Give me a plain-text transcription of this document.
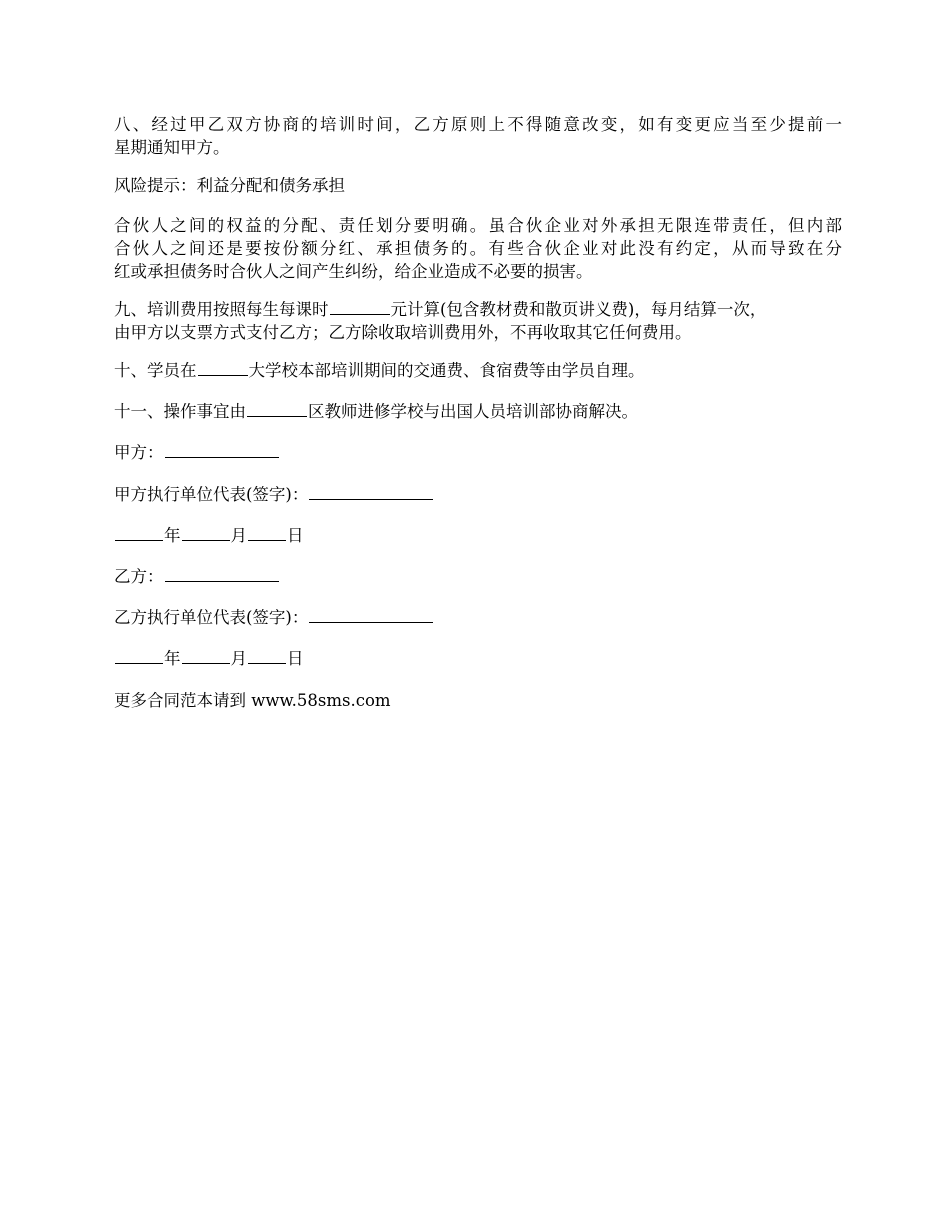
八、经过甲乙双方协商的培训时间，乙方原则上不得随意改变，如有变更应当至少提前一
星期通知甲方。
风险提示：利益分配和债务承担
合伙人之间的权益的分配、责任划分要明确。虽合伙企业对外承担无限连带责任，但内部
合伙人之间还是要按份额分红、承担债务的。有些合伙企业对此没有约定，从而导致在分
红或承担债务时合伙人之间产生纠纷，给企业造成不必要的损害。
九、培训费用按照每生每课时	元计算(包含教材费和散页讲义费)，每月结算一次，
由甲方以支票方式支付乙方；乙方除收取培训费用外，不再收取其它任何费用。
十、学员在	大学校本部培训期间的交通费、食宿费等由学员自理。
十一、操作事宜由	区教师进修学校与出国人员培训部协商解决。
甲方：
甲方执行单位代表(签字)：
年	月 日
乙方：
乙方执行单位代表(签字)：
年	月 日
更多合同范本请到 www.58sms.com
